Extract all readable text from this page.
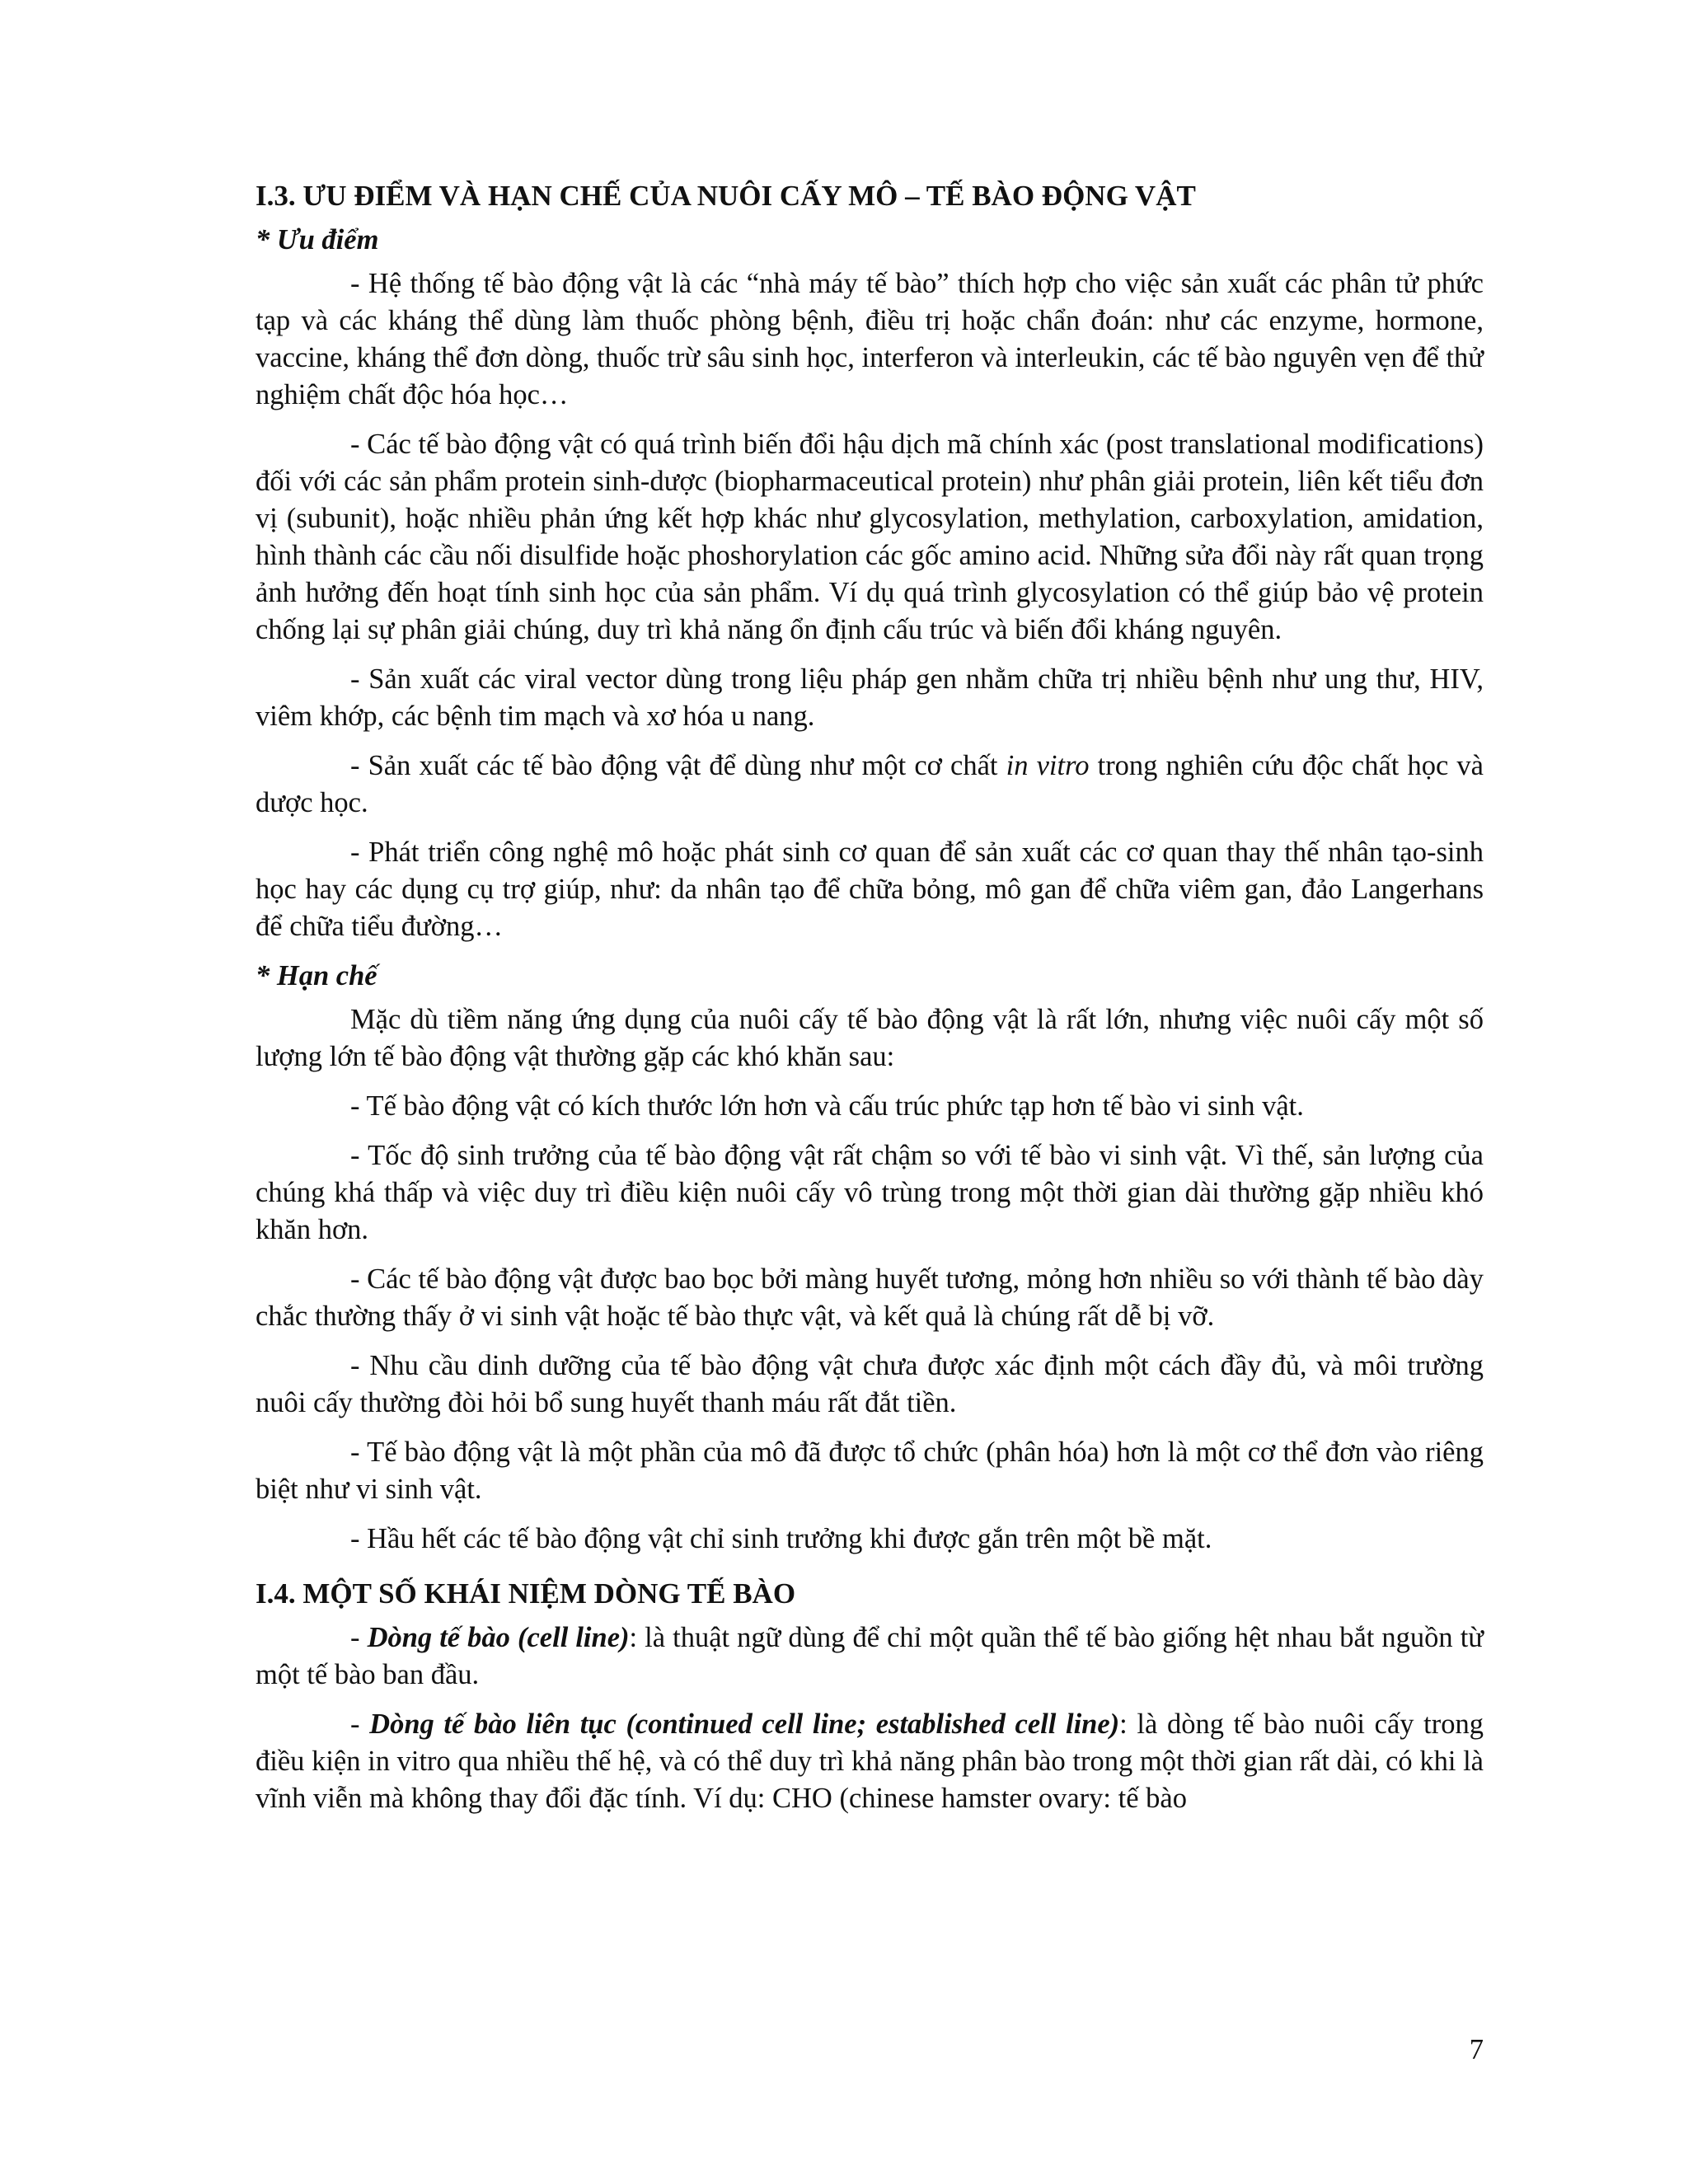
I.3. ƯU ĐIỂM VÀ HẠN CHẾ CỦA NUÔI CẤY MÔ – TẾ BÀO ĐỘNG VẬT
* Ưu điểm

- Hệ thống tế bào động vật là các “nhà máy tế bào” thích hợp cho việc sản xuất các phân tử phức tạp và các kháng thể dùng làm thuốc phòng bệnh, điều trị hoặc chẩn đoán: như các enzyme, hormone, vaccine, kháng thể đơn dòng, thuốc trừ sâu sinh học, interferon và interleukin, các tế bào nguyên vẹn để thử nghiệm chất độc hóa học…

- Các tế bào động vật có quá trình biến đổi hậu dịch mã chính xác (post translational modifications) đối với các sản phẩm protein sinh-dược (biopharmaceutical protein) như phân giải protein, liên kết tiểu đơn vị (subunit), hoặc nhiều phản ứng kết hợp khác như glycosylation, methylation, carboxylation, amidation, hình thành các cầu nối disulfide hoặc phoshorylation các gốc amino acid. Những sửa đổi này rất quan trọng ảnh hưởng đến hoạt tính sinh học của sản phẩm. Ví dụ quá trình glycosylation có thể giúp bảo vệ protein chống lại sự phân giải chúng, duy trì khả năng ổn định cấu trúc và biến đổi kháng nguyên.

- Sản xuất các viral vector dùng trong liệu pháp gen nhằm chữa trị nhiều bệnh như ung thư, HIV, viêm khớp, các bệnh tim mạch và xơ hóa u nang.

- Sản xuất các tế bào động vật để dùng như một cơ chất in vitro trong nghiên cứu độc chất học và dược học.

- Phát triển công nghệ mô hoặc phát sinh cơ quan để sản xuất các cơ quan thay thế nhân tạo-sinh học hay các dụng cụ trợ giúp, như: da nhân tạo để chữa bỏng, mô gan để chữa viêm gan, đảo Langerhans để chữa tiểu đường…

* Hạn chế

Mặc dù tiềm năng ứng dụng của nuôi cấy tế bào động vật là rất lớn, nhưng việc nuôi cấy một số lượng lớn tế bào động vật thường gặp các khó khăn sau:

- Tế bào động vật có kích thước lớn hơn và cấu trúc phức tạp hơn tế bào vi sinh vật.

- Tốc độ sinh trưởng của tế bào động vật rất chậm so với tế bào vi sinh vật. Vì thế, sản lượng của chúng khá thấp và việc duy trì điều kiện nuôi cấy vô trùng trong một thời gian dài thường gặp nhiều khó khăn hơn.

- Các tế bào động vật được bao bọc bởi màng huyết tương, mỏng hơn nhiều so với thành tế bào dày chắc thường thấy ở vi sinh vật hoặc tế bào thực vật, và kết quả là chúng rất dễ bị vỡ.

- Nhu cầu dinh dưỡng của tế bào động vật chưa được xác định một cách đầy đủ, và môi trường nuôi cấy thường đòi hỏi bổ sung huyết thanh máu rất đắt tiền.

- Tế bào động vật là một phần của mô đã được tổ chức (phân hóa) hơn là một cơ thể đơn vào riêng biệt như vi sinh vật.

- Hầu hết các tế bào động vật chỉ sinh trưởng khi được gắn trên một bề mặt.

I.4. MỘT SỐ KHÁI NIỆM DÒNG TẾ BÀO

- Dòng tế bào (cell line): là thuật ngữ dùng để chỉ một quần thể tế bào giống hệt nhau bắt nguồn từ một tế bào ban đầu.

- Dòng tế bào liên tục (continued cell line; established cell line): là dòng tế bào nuôi cấy trong điều kiện in vitro qua nhiều thế hệ, và có thể duy trì khả năng phân bào trong một thời gian rất dài, có khi là vĩnh viễn mà không thay đổi đặc tính. Ví dụ: CHO (chinese hamster ovary: tế bào

7
